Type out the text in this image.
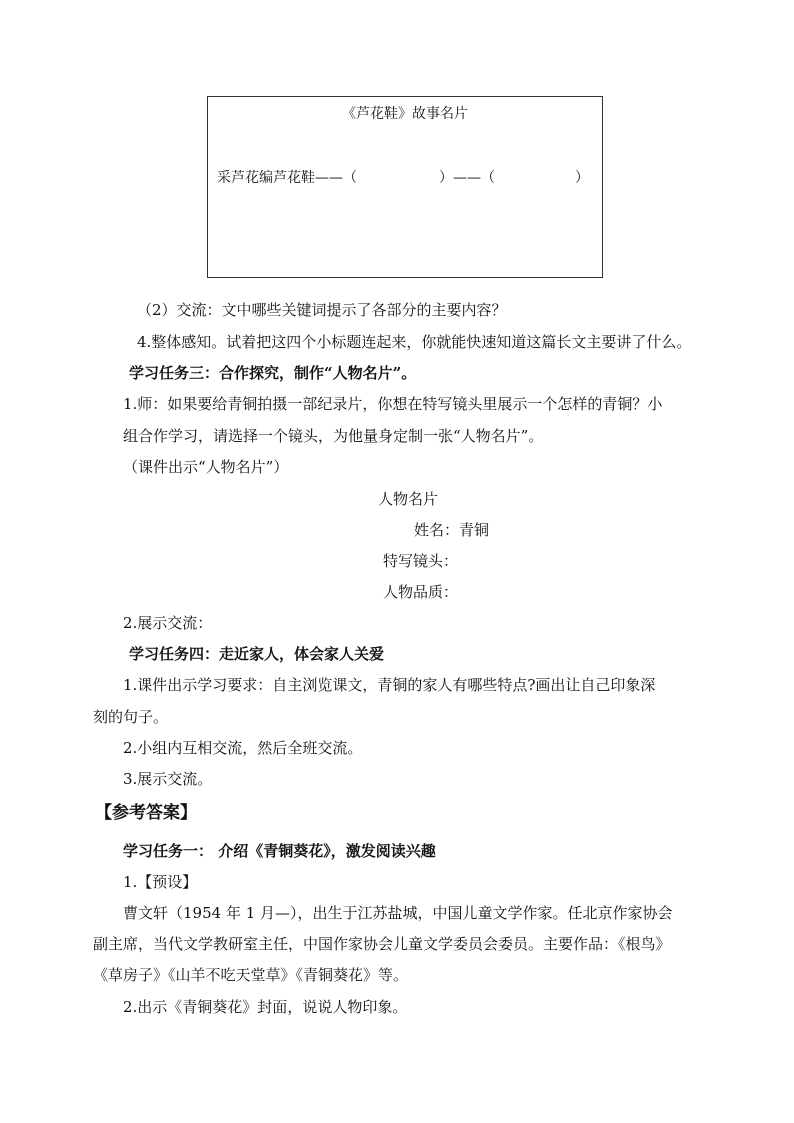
《芦花鞋》故事名片
采芦花编芦花鞋——（	）——（	）
（2）交流：文中哪些关键词提示了各部分的主要内容？
4.整体感知。试着把这四个小标题连起来，你就能快速知道这篇长文主要讲了什么。
学习任务三：合作探究，制作“人物名片”。
1.师：如果要给青铜拍摄一部纪录片，你想在特写镜头里展示一个怎样的青铜？小
组合作学习，请选择一个镜头，为他量身定制一张“人物名片”。
（课件出示“人物名片”）
人物名片
姓名：青铜
特写镜头：
人物品质：
2.展示交流：
学习任务四：走近家人，体会家人关爱
1.课件出示学习要求：自主浏览课文，青铜的家人有哪些特点?画出让自己印象深
刻的句子。
2.小组内互相交流，然后全班交流。
3.展示交流。
【参考答案】
学习任务一： 介绍《青铜葵花》，激发阅读兴趣
1.【预设】
曹文轩（1954 年 1 月—），出生于江苏盐城，中国儿童文学作家。任北京作家协会
副主席，当代文学教研室主任，中国作家协会儿童文学委员会委员。主要作品：《根鸟》
《草房子》《山羊不吃天堂草》《青铜葵花》等。
2.出示《青铜葵花》封面，说说人物印象。
